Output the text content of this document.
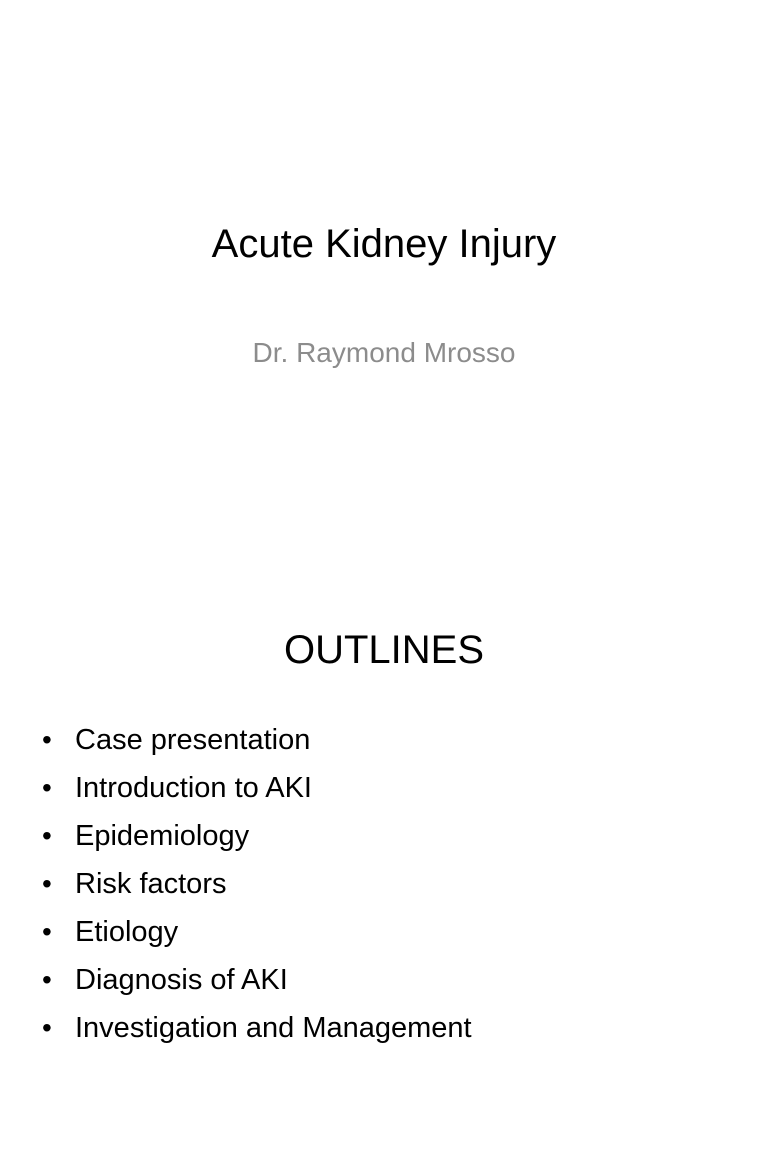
Acute Kidney Injury
Dr. Raymond Mrosso
OUTLINES
• Case presentation
• Introduction to AKI
• Epidemiology
• Risk factors
• Etiology
• Diagnosis of AKI
• Investigation and Management
